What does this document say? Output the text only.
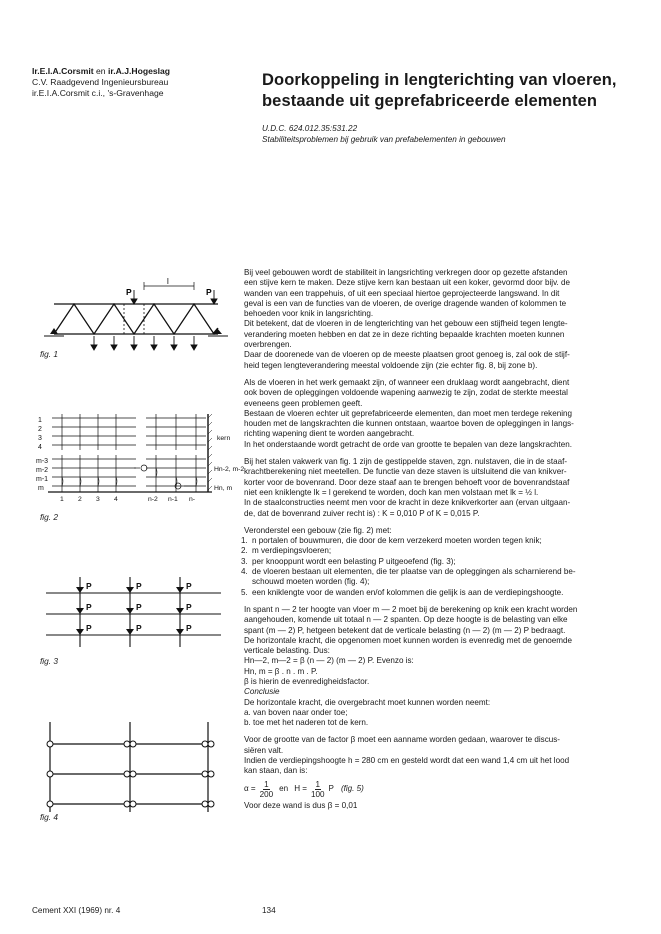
Ir.E.I.A.Corsmit en ir.A.J.Hogeslag
C.V. Raadgevend Ingenieursbureau
ir.E.I.A.Corsmit c.i., 's-Gravenhage
Doorkoppeling in lengterichting van vloeren,
bestaande uit geprefabriceerde elementen
U.D.C. 624.012.35:531.22
Stabiliteitsproblemen bij gebruik van prefabelementen in gebouwen

Bij veel gebouwen wordt de stabiliteit in langsrichting verkregen door op gezette afstanden
een stijve kern te maken. Deze stijve kern kan bestaan uit een koker, gevormd door bijv. de
wanden van een trappehuis, of uit een speciaal hiertoe geprojecteerde langswand. In dit
geval is een van de functies van de vloeren, de overige dragende wanden of kolommen te
behoeden voor knik in langsrichting.
Dit betekent, dat de vloeren in de lengterichting van het gebouw een stijfheid tegen lengte-
verandering moeten hebben en dat ze in deze richting bepaalde krachten moeten kunnen
overbrengen.
Daar de doorenede van de vloeren op de meeste plaatsen groot genoeg is, zal ook de stijf-
heid tegen lengteverandering meestal voldoende zijn (zie echter fig. 8, bij zone b).

Als de vloeren in het werk gemaakt zijn, of wanneer een druklaag wordt aangebracht, dient
ook boven de opleggingen voldoende wapening aanwezig te zijn, zodat de sterkte meestal
eveneens geen problemen geeft.
Bestaan de vloeren echter uit geprefabriceerde elementen, dan moet men terdege rekening
houden met de langskrachten die kunnen ontstaan, waartoe boven de opleggingen in langs-
richting wapening dient te worden aangebracht.
In het onderstaande wordt getracht de orde van grootte te bepalen van deze langskrachten.

Bij het stalen vakwerk van fig. 1 zijn de gestippelde staven, zgn. nulstaven, die in de staaf-
krachtberekening niet meetellen. De functie van deze staven is uitsluitend die van knikver-
korter voor de bovenrand. Door deze staaf aan te brengen behoeft voor de bovenrandstaaf
niet een kniklengte lk = l gerekend te worden, doch kan men volstaan met lk = ½ l.
In de staalconstructies neemt men voor de kracht in deze knikverkorter aan (ervan uitgaan-
de, dat de bovenrand zuiver recht is) : K = 0,010 P of K = 0,015 P.

Veronderstel een gebouw (zie fig. 2) met:

1. n portalen of bouwmuren, die door de kern verzekerd moeten worden tegen knik;
2. m verdiepingsvloeren;
3. per knooppunt wordt een belasting P uitgeoefend (fig. 3);
4. de vloeren bestaan uit elementen, die ter plaatse van de opleggingen als scharnierend be-
schouwd moeten worden (fig. 4);
5. een kniklengte voor de wanden en/of kolommen die gelijk is aan de verdiepingshoogte.

In spant n — 2 ter hoogte van vloer m — 2 moet bij de berekening op knik een kracht worden
aangehouden, komende uit totaal n — 2 spanten. Op deze hoogte is de belasting van elke
spant (m — 2) P, hetgeen betekent dat de verticale belasting (n — 2) (m — 2) P bedraagt.
De horizontale kracht, die opgenomen moet kunnen worden is evenredig met de genoemde
verticale belasting. Dus:
Hn—2, m—2 = β (n — 2) (m — 2) P. Evenzo is:
Hn, m = β . n . m . P.
β is hierin de evenredigheidsfactor.
Conclusie
De horizontale kracht, die overgebracht moet kunnen worden neemt:
a. van boven naar onder toe;
b. toe met het naderen tot de kern.

Voor de grootte van de factor β moet een aanname worden gedaan, waarover te discus-
siëren valt.
Indien de verdiepingshoogte h = 280 cm en gesteld wordt dat een wand 1,4 cm uit het lood
kan staan, dan is:

$\alpha = \frac{1}{200}$ en $H = \frac{1}{100}$ P (fig. 5)

Voor deze wand is dus β = 0,01

P	P
l
fig. 1
1
2
3
4
m-3
m-2
m-1
m
kern
Hn-2, m-2
Hn, m
1 2 3 4	n-2 n-1 n-
fig. 2
P	P	P
P	P	P
P	P	P
fig. 3
fig. 4
Cement XXI (1969) nr. 4	134
